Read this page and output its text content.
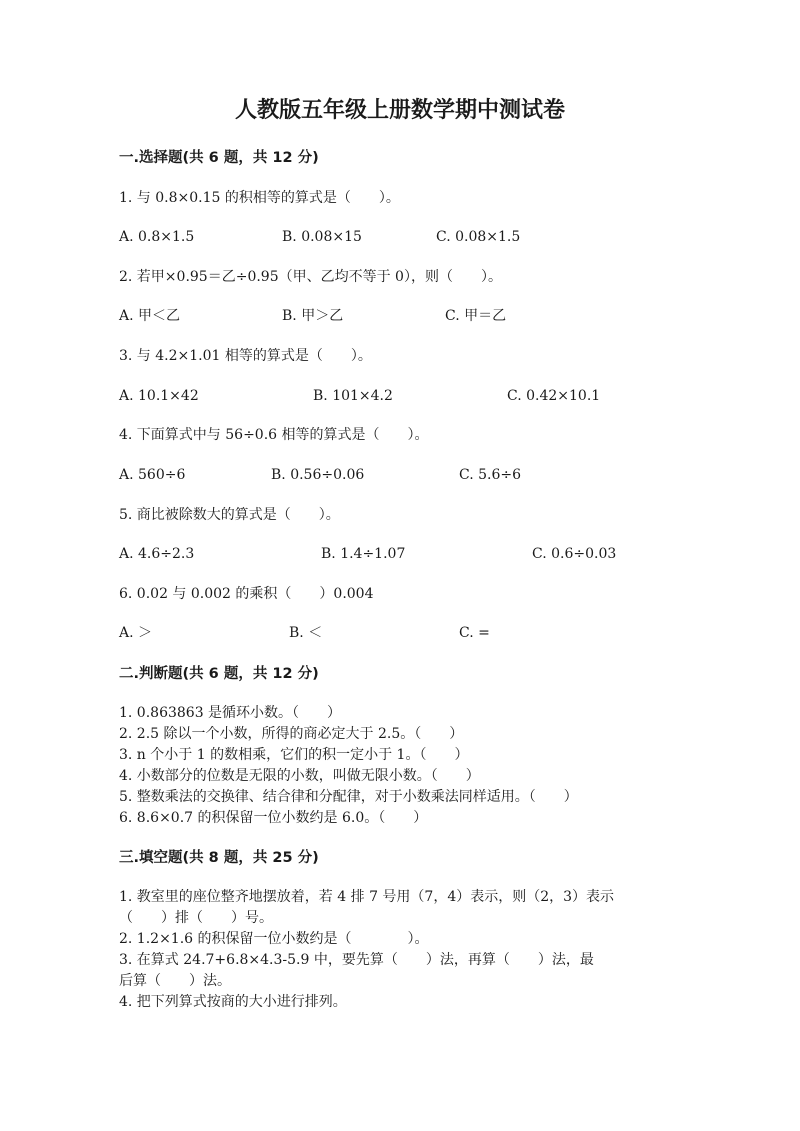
人教版五年级上册数学期中测试卷
一.选择题(共 6 题，共 12 分)
1. 与 0.8×0.15 的积相等的算式是（　　）。
A. 0.8×1.5	B. 0.08×15	C. 0.08×1.5
2. 若甲×0.95＝乙÷0.95（甲、乙均不等于 0），则（　　）。
A. 甲＜乙	B. 甲＞乙	C. 甲＝乙
3. 与 4.2×1.01 相等的算式是（　　）。
A. 10.1×42	B. 101×4.2	C. 0.42×10.1
4. 下面算式中与 56÷0.6 相等的算式是（　　）。
A. 560÷6	B. 0.56÷0.06	C. 5.6÷6
5. 商比被除数大的算式是（　　）。
A. 4.6÷2.3	B. 1.4÷1.07	C. 0.6÷0.03
6. 0.02 与 0.002 的乘积（　　）0.004
A. ＞	B. ＜	C. =
二.判断题(共 6 题，共 12 分)
1. 0.863863 是循环小数。（　　）
2. 2.5 除以一个小数，所得的商必定大于 2.5。（　　）
3. n 个小于 1 的数相乘，它们的积一定小于 1。（　　）
4. 小数部分的位数是无限的小数，叫做无限小数。（　　）
5. 整数乘法的交换律、结合律和分配律，对于小数乘法同样适用。（　　）
6. 8.6×0.7 的积保留一位小数约是 6.0。（　　）
三.填空题(共 8 题，共 25 分)
1. 教室里的座位整齐地摆放着，若 4 排 7 号用（7，4）表示，则（2，3）表示
（　　）排（　　）号。
2. 1.2×1.6 的积保留一位小数约是（　　　　）。
3. 在算式 24.7+6.8×4.3-5.9 中，要先算（　　）法，再算（　　）法，最
后算（　　）法。
4. 把下列算式按商的大小进行排列。
